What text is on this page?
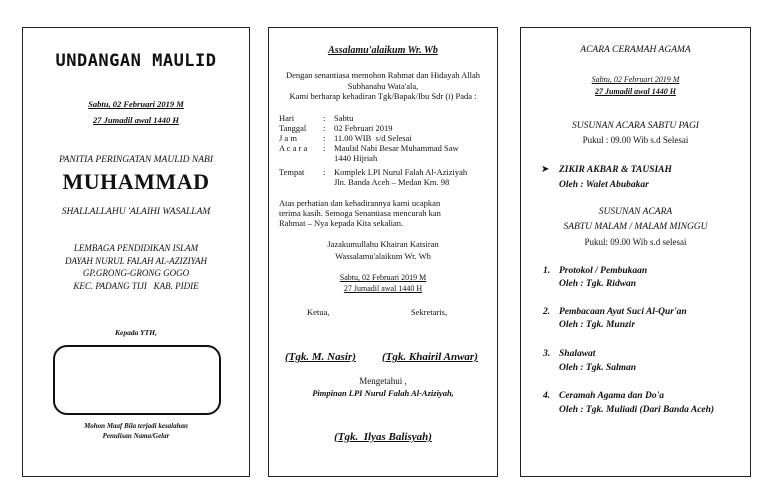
UNDANGAN MAULID
Sabtu, 02 Februari 2019 M
27 Jumadil awal 1440 H
PANITIA PERINGATAN MAULID NABI
MUHAMMAD
SHALLALLAHU 'ALAIHI WASALLAM
LEMBAGA PENDIDIKAN ISLAM
DAYAH NURUL FALAH AL-AZIZIYAH
GP.GRONG-GRONG GOGO
KEC. PADANG TIJI   KAB. PIDIE
Kepada YTH,
Mohon Maaf Bila terjadi kesalahan
Penulisan Nama/Gelar
Assalamu'alaikum Wr. Wb
Dengan senantiasa memohon Rahmat dan Hidayah Allah
Subhanahu Wata'ala,
Kami berharap kehadiran Tgk/Bapak/Ibu Sdr (i) Pada :
Hari	: Sabtu
Tanggal : 02 Februari 2019
J a m	: 11.00 WIB  s/d Selesai
A c a r a : Maulid Nabi Besar Muhammad Saw
1440 Hijriah
Tempat : Komplek LPI Nurul Falah Al-Aziziyah
Jln. Banda Aceh – Medan Km. 98
Atas perhatian dan kehadirannya kami ucapkan
terima kasih. Semoga Senantiasa mencurah kan
Rahmat – Nya kepada Kita sekalian.
Jazakumullahu Khairan Katsiran
Wassalamu'alaikum Wr. Wb
Sabtu, 02 Februari 2019 M
27 Jumadil awal 1440 H
Ketua,	Sekretaris,
(Tgk. M. Nasir) (Tgk. Khairil Anwar)
Mengetahui ,
Pimpinan LPI Nurul Falah Al-Aziziyah,
(Tgk.  Ilyas Balisyah)
ACARA CERAMAH AGAMA
Sabtu, 02 Februari 2019 M
27 Jumadil awal 1440 H
SUSUNAN ACARA SABTU PAGI
Pukul : 09.00 Wib s.d Selesai
➤ ZIKIR AKBAR & TAUSIAH
Oleh : Walet Abubakar
SUSUNAN ACARA
SABTU MALAM / MALAM MINGGU
Pukul: 09.00 Wib s.d selesai
1. Protokol / Pembukaan
Oleh : Tgk. Ridwan
2. Pembacaan Ayat Suci Al-Qur'an
Oleh : Tgk. Munzir
3. Shalawat
Oleh : Tgk. Salman
4. Ceramah Agama dan Do'a
Oleh : Tgk. Muliadi (Dari Banda Aceh)
